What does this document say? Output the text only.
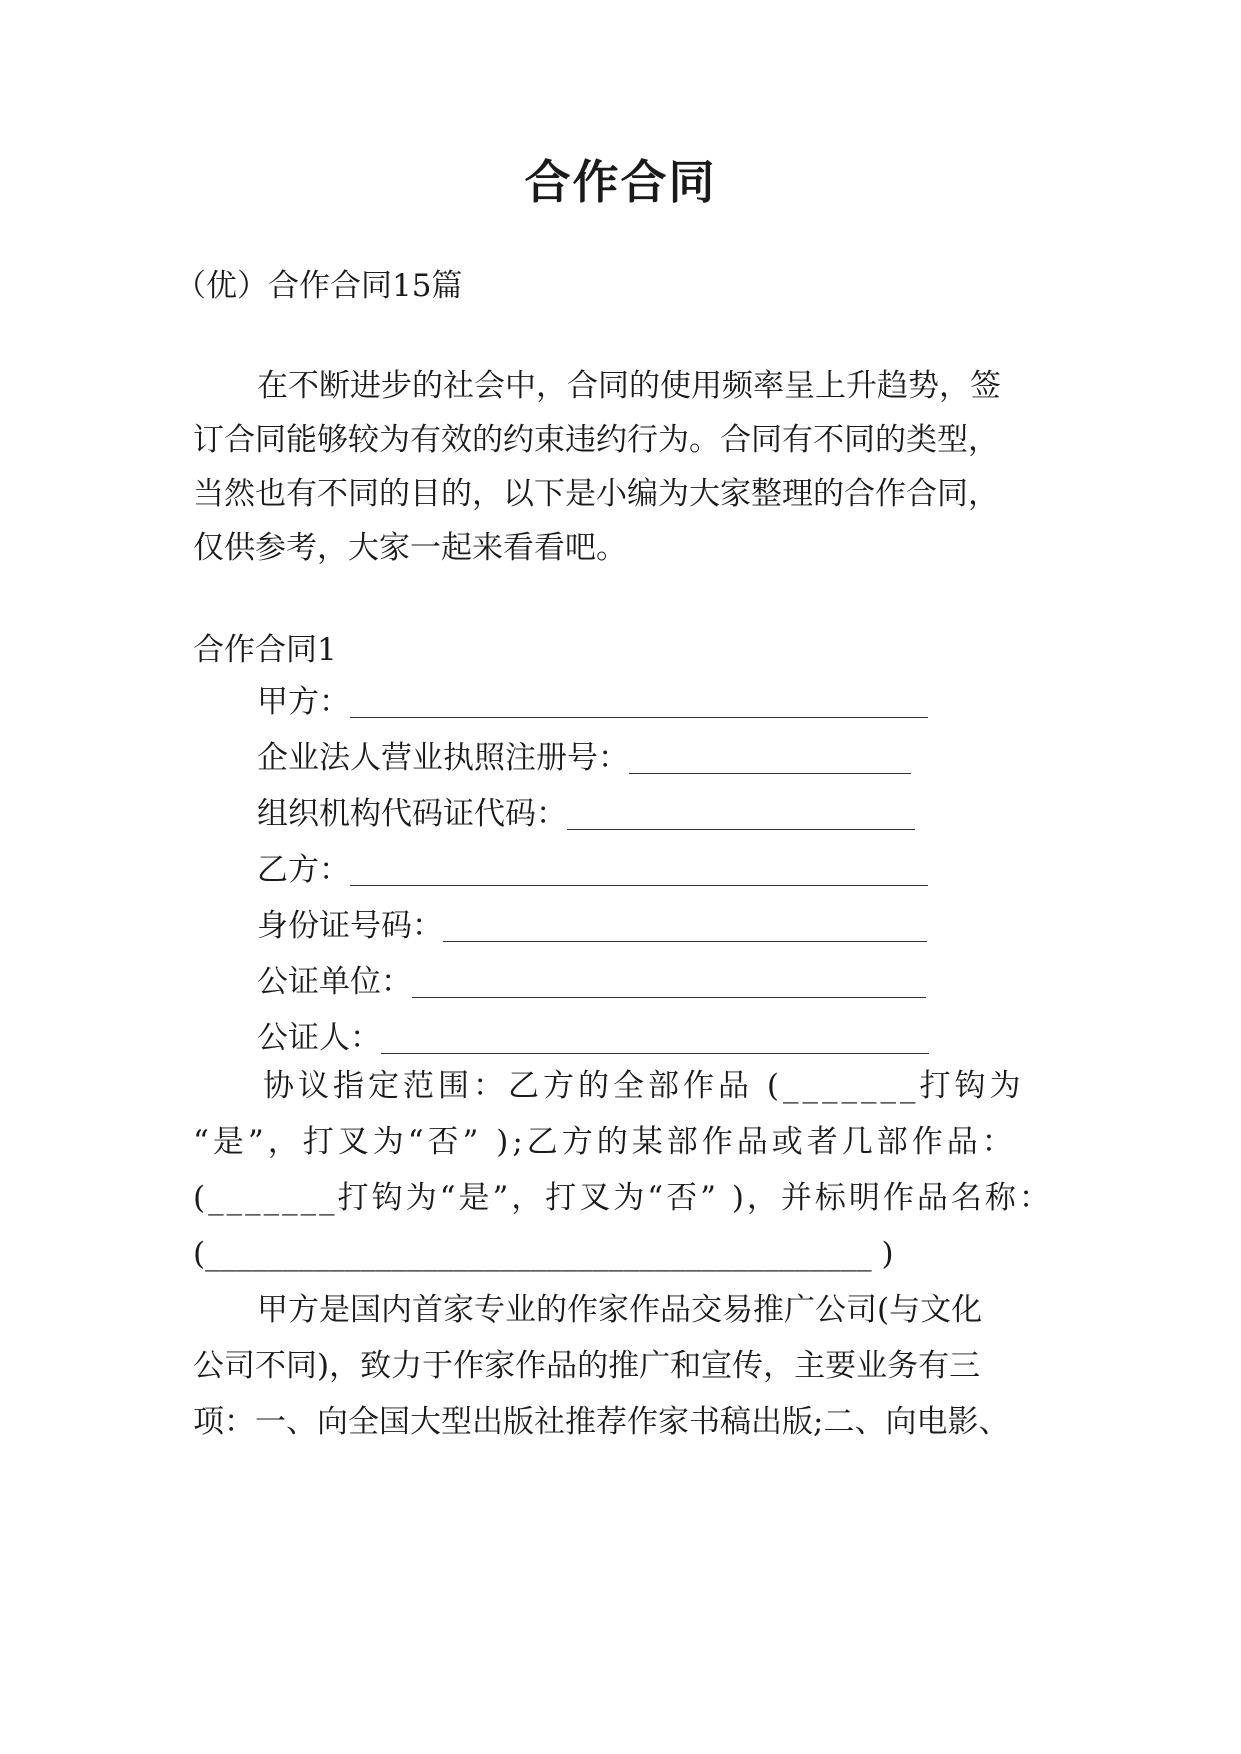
合作合同
（优）合作合同15篇
在不断进步的社会中，合同的使用频率呈上升趋势，签
订合同能够较为有效的约束违约行为。合同有不同的类型，
当然也有不同的目的，以下是小编为大家整理的合作合同，
仅供参考，大家一起来看看吧。
合作合同1
甲方：
企业法人营业执照注册号：
组织机构代码证代码：
乙方：
身份证号码：
公证单位：
公证人：
协议指定范围：乙方的全部作品 (_______打钩为
“是”，打叉为“否” );乙方的某部作品或者几部作品：
(_______打钩为“是”，打叉为“否” )，并标明作品名称：
(___________________________________________ )
甲方是国内首家专业的作家作品交易推广公司(与文化
公司不同)，致力于作家作品的推广和宣传，主要业务有三
项：一、向全国大型出版社推荐作家书稿出版;二、向电影、
